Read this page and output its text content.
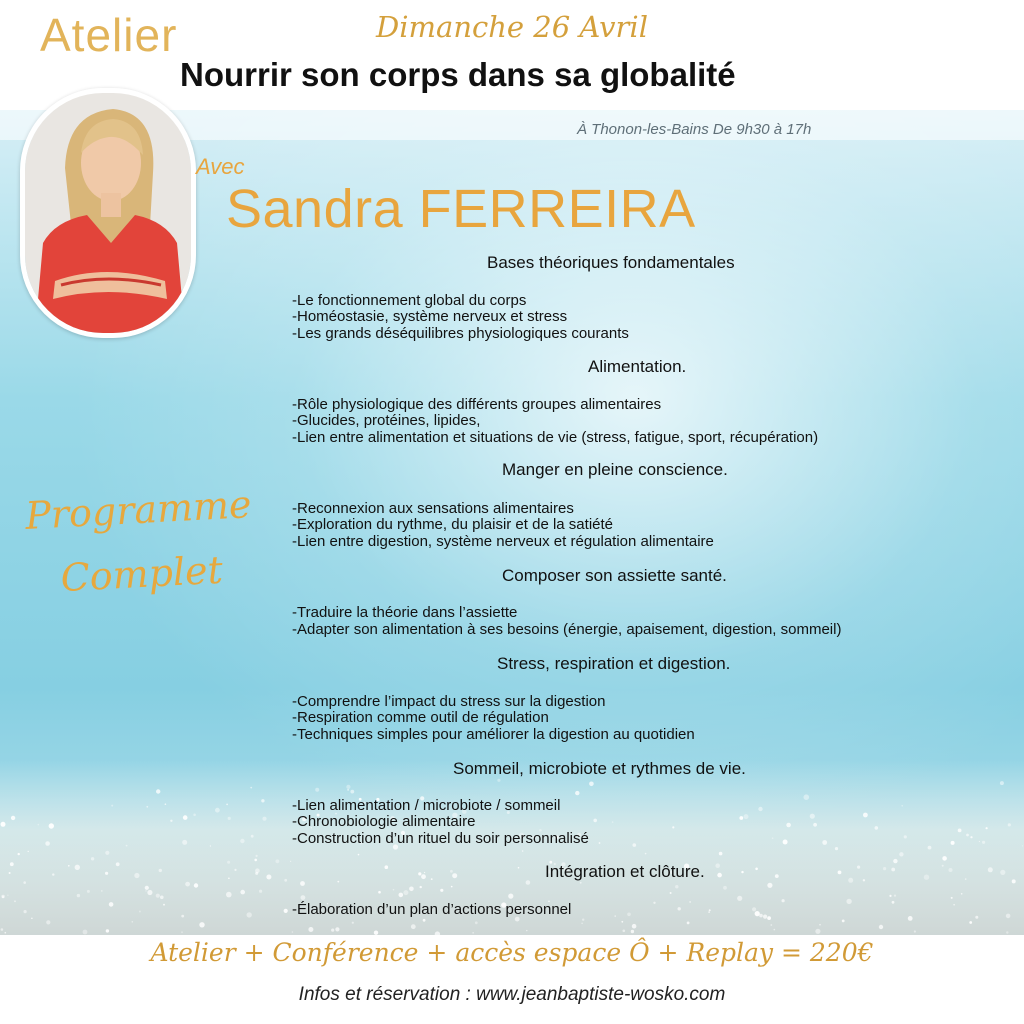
Atelier	Dimanche 26 Avril
Nourrir son corps dans sa globalité
À Thonon-les-Bains De 9h30 à 17h
Avec
Sandra FERREIRA
Programme
Complet
Bases théoriques fondamentales
-Le fonctionnement global du corps
-Homéostasie, système nerveux et stress
-Les grands déséquilibres physiologiques courants
Alimentation.
-Rôle physiologique des différents groupes alimentaires
-Glucides, protéines, lipides,
-Lien entre alimentation et situations de vie (stress, fatigue, sport, récupération)
Manger en pleine conscience.
-Reconnexion aux sensations alimentaires
-Exploration du rythme, du plaisir et de la satiété
-Lien entre digestion, système nerveux et régulation alimentaire
Composer son assiette santé.
-Traduire la théorie dans l’assiette
-Adapter son alimentation à ses besoins (énergie, apaisement, digestion, sommeil)
Stress, respiration et digestion.
-Comprendre l’impact du stress sur la digestion
-Respiration comme outil de régulation
-Techniques simples pour améliorer la digestion au quotidien
Sommeil, microbiote et rythmes de vie.
-Lien alimentation / microbiote / sommeil
-Chronobiologie alimentaire
-Construction d’un rituel du soir personnalisé
Intégration et clôture.
-Élaboration d’un plan d’actions personnel
Atelier + Conférence + accès espace Ô + Replay = 220€
Infos et réservation : www.jeanbaptiste-wosko.com
